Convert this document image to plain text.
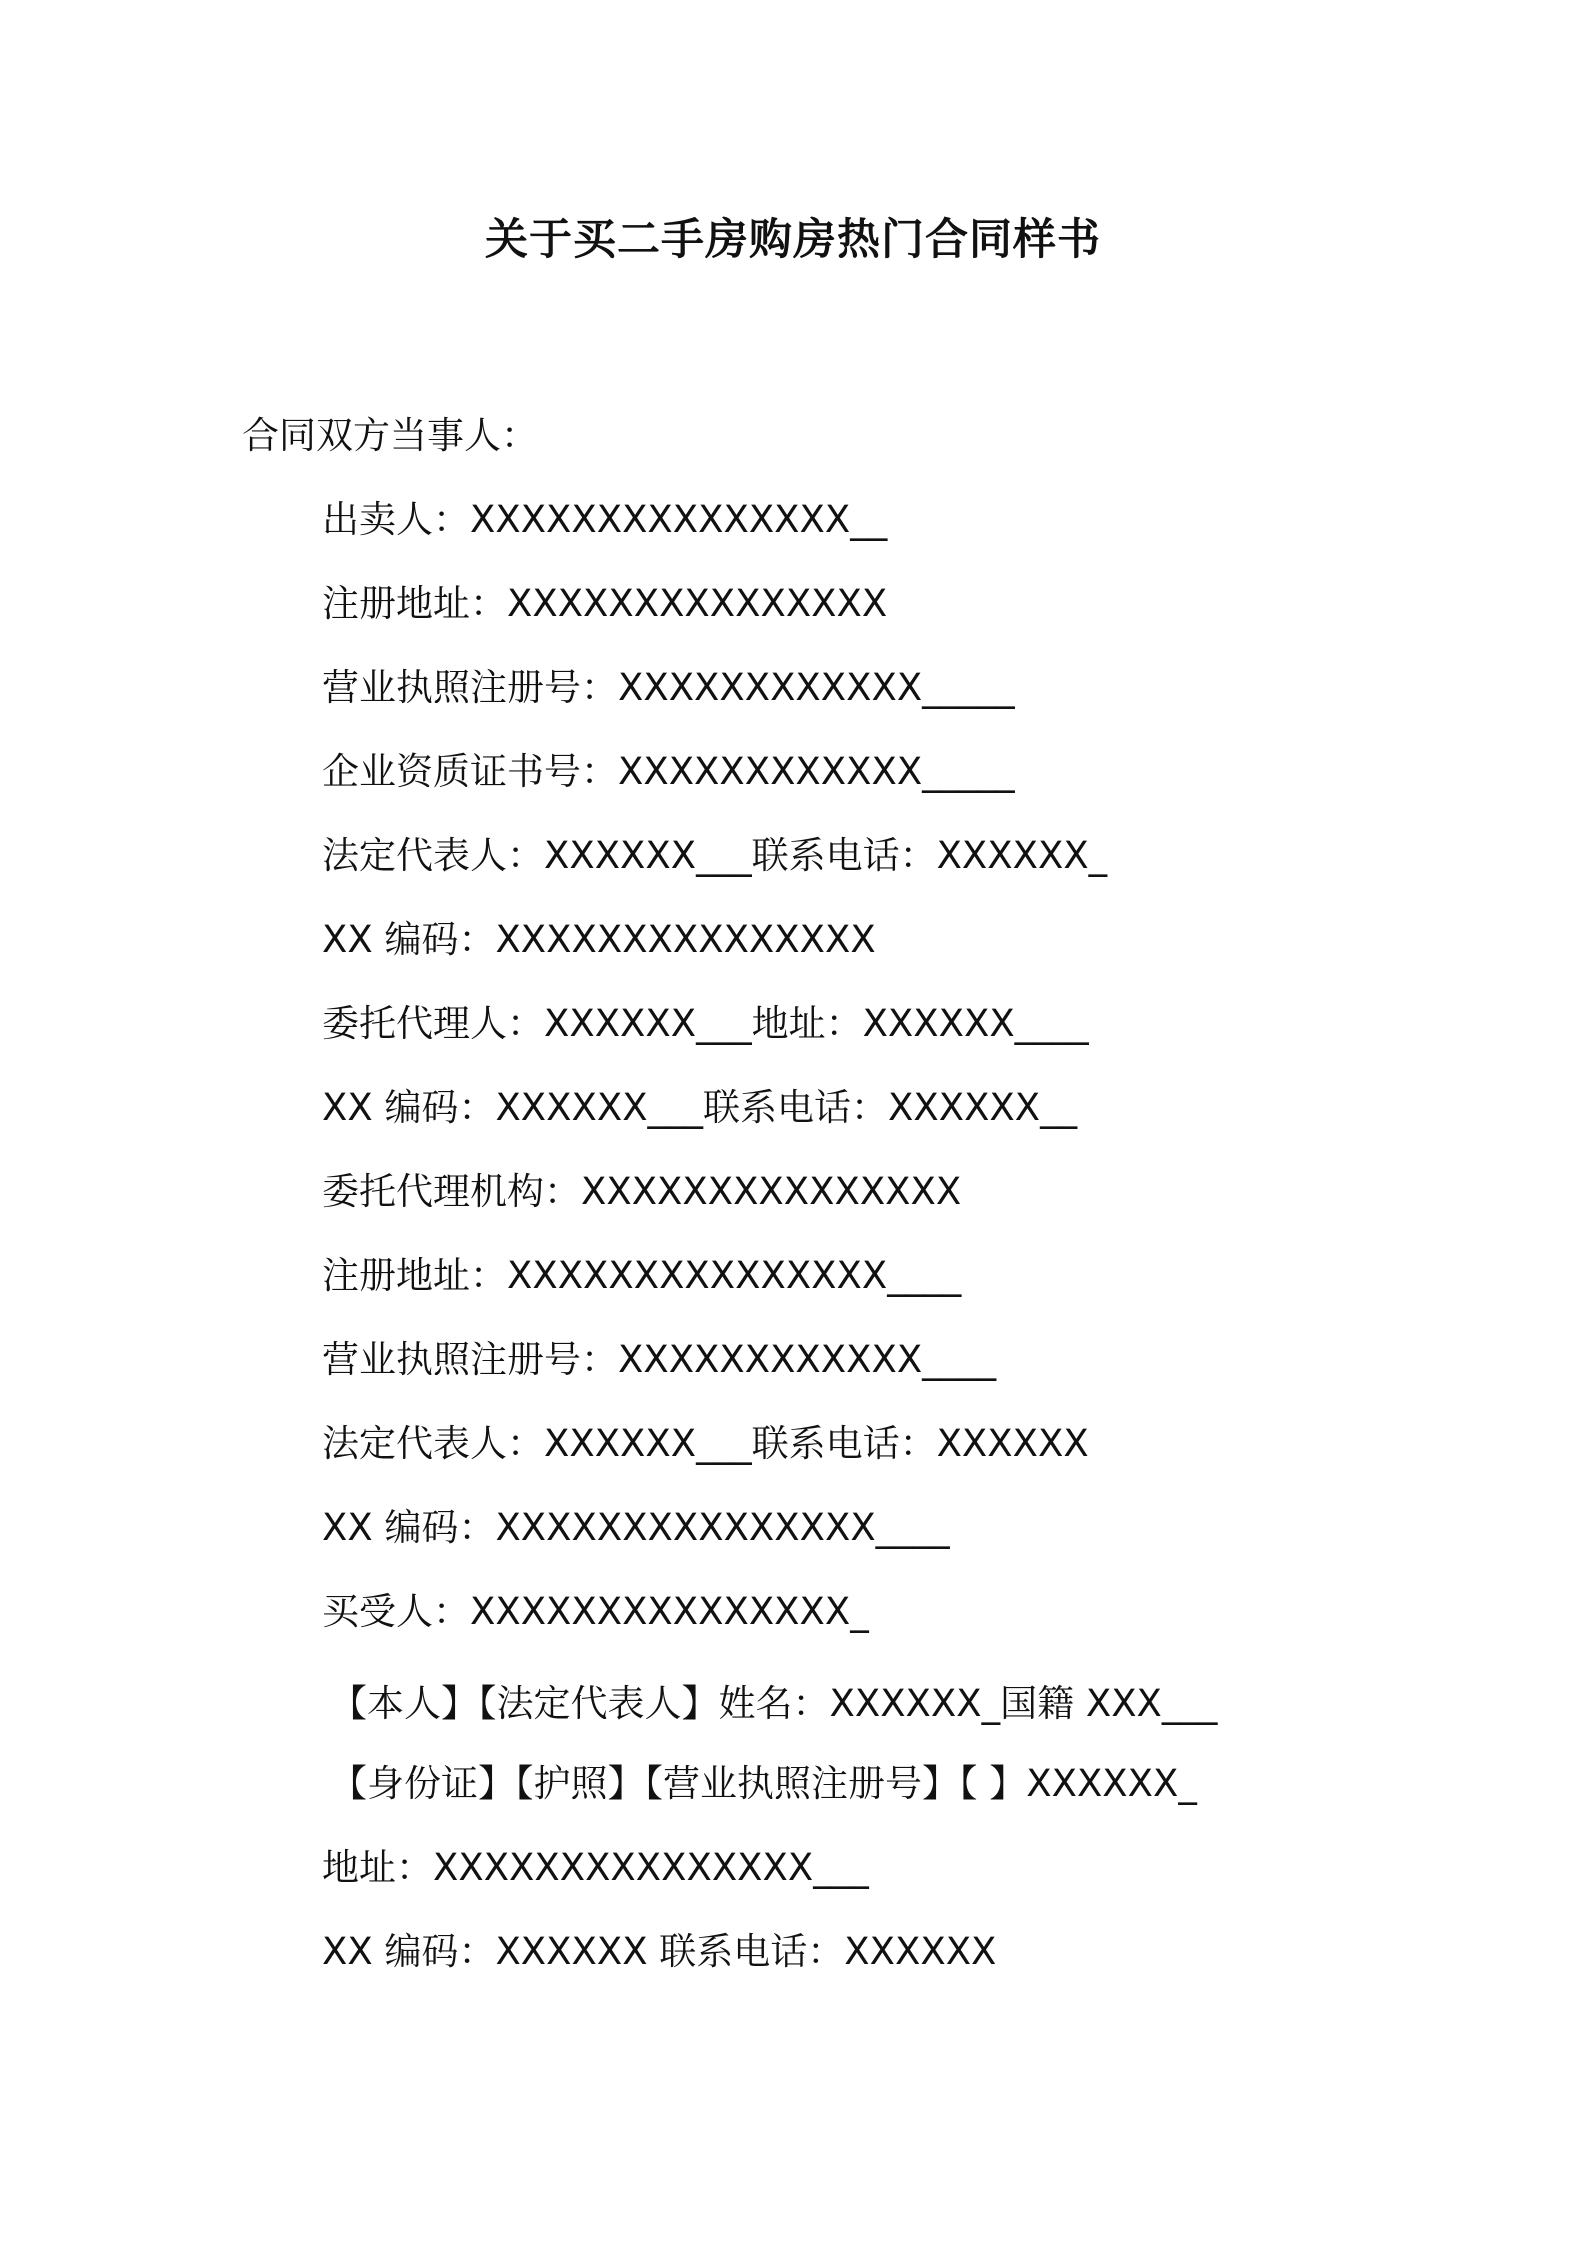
关于买二手房购房热门合同样书
合同双方当事人：
出卖人：XXXXXXXXXXXXXXX__
注册地址：XXXXXXXXXXXXXXX
营业执照注册号：XXXXXXXXXXXX_____
企业资质证书号：XXXXXXXXXXXX_____
法定代表人：XXXXXX___联系电话：XXXXXX_
XX 编码：XXXXXXXXXXXXXXX
委托代理人：XXXXXX___地址：XXXXXX____
XX 编码：XXXXXX___联系电话：XXXXXX__
委托代理机构：XXXXXXXXXXXXXXX
注册地址：XXXXXXXXXXXXXXX____
营业执照注册号：XXXXXXXXXXXX____
法定代表人：XXXXXX___联系电话：XXXXXX
XX 编码：XXXXXXXXXXXXXXX____
买受人：XXXXXXXXXXXXXXX_
【本人】【法定代表人】姓名：XXXXXX_国籍 XXX___
【身份证】【护照】【营业执照注册号】【 】XXXXXX_
地址：XXXXXXXXXXXXXXX___
XX 编码：XXXXXX 联系电话：XXXXXX
